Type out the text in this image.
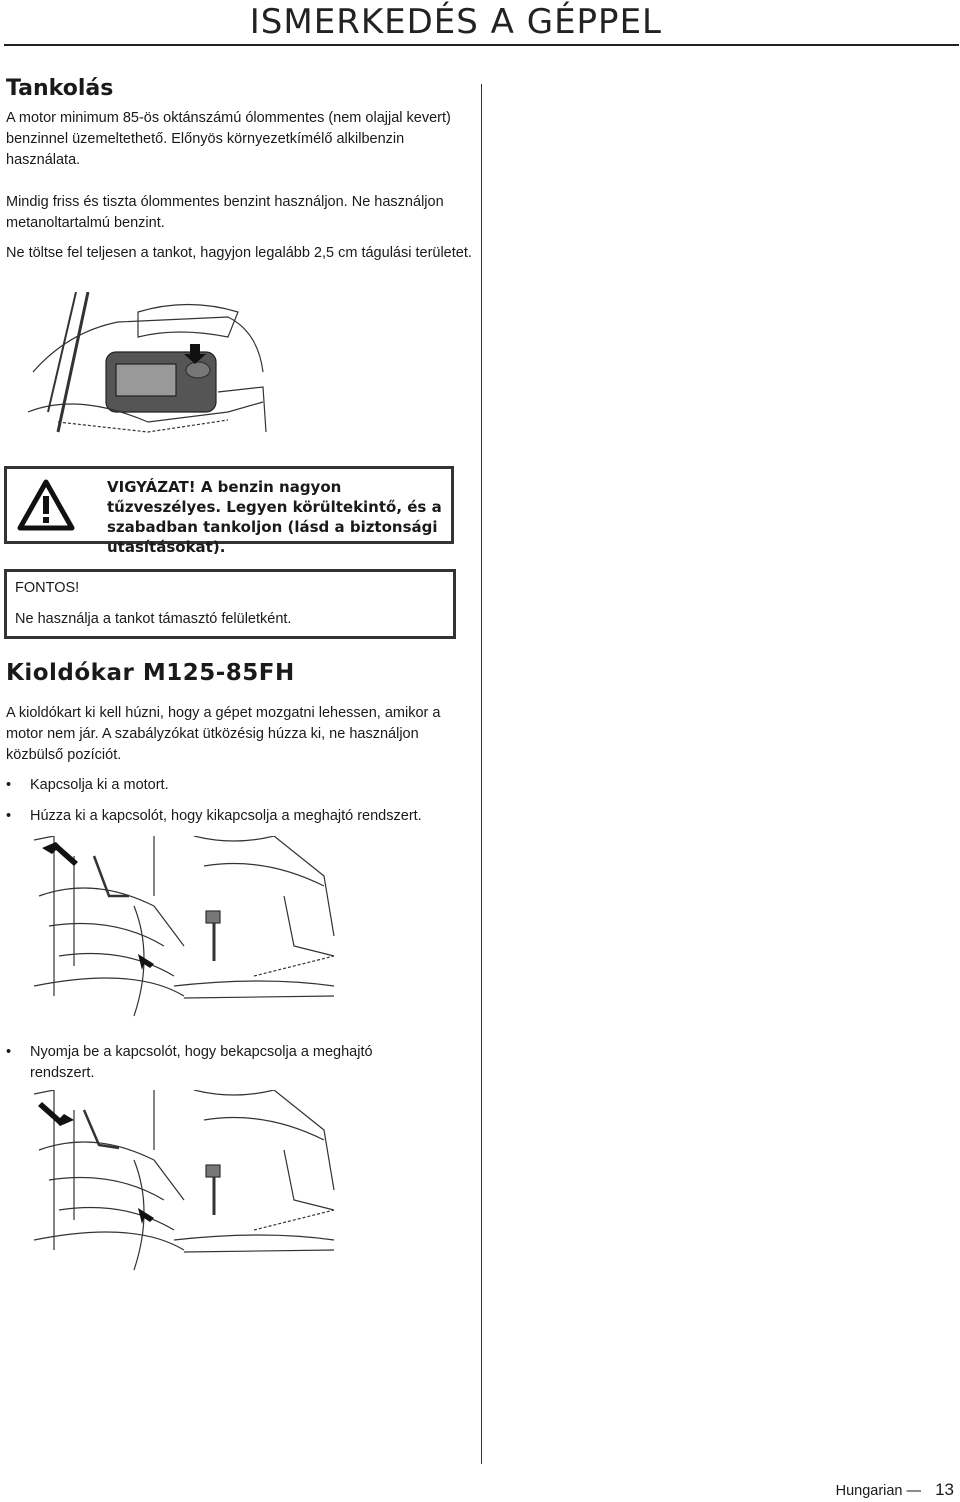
ISMERKEDÉS A GÉPPEL
Tankolás

A motor minimum 85-ös oktánszámú ólommentes (nem olajjal kevert) benzinnel üzemeltethető. Előnyös környezetkímélő alkilbenzin használata.

Mindig friss és tiszta ólommentes benzint használjon. Ne használjon metanoltartalmú benzint.

Ne töltse fel teljesen a tankot, hagyjon legalább 2,5 cm tágulási területet.

VIGYÁZAT! A benzin nagyon tűzveszélyes. Legyen körültekintő, és a szabadban tankoljon (lásd a biztonsági utasításokat).
FONTOS!
Ne használja a tankot támasztó felületként.
Kioldókar M125-85FH

A kioldókart ki kell húzni, hogy a gépet mozgatni lehessen, amikor a motor nem jár. A szabályzókat ütközésig húzza ki, ne használjon közbülső pozíciót.

• Kapcsolja ki a motort.
• Húzza ki a kapcsolót, hogy kikapcsolja a meghajtó rendszert.
• Nyomja be a kapcsolót, hogy bekapcsolja a meghajtó rendszert.
Hungarian — 13
